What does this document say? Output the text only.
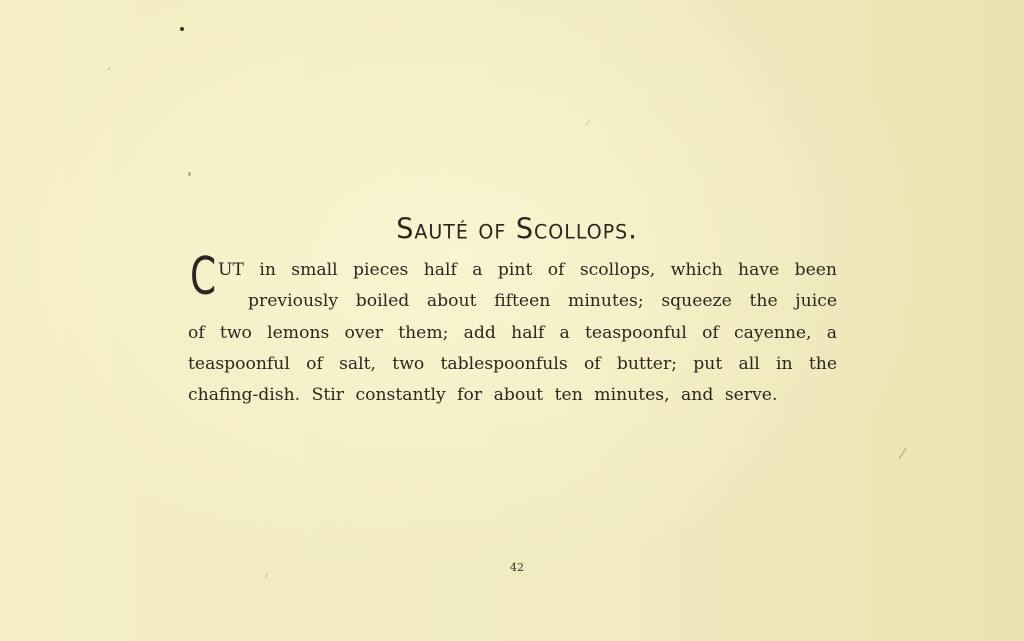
Sauté of Scollops.
C UT in small pieces half a pint of scollops, which have been
previously boiled about fifteen minutes; squeeze the juice
of two lemons over them; add half a teaspoonful of cayenne, a
teaspoonful of salt, two tablespoonfuls of butter; put all in the
chafing-dish. Stir constantly for about ten minutes, and serve.
42
